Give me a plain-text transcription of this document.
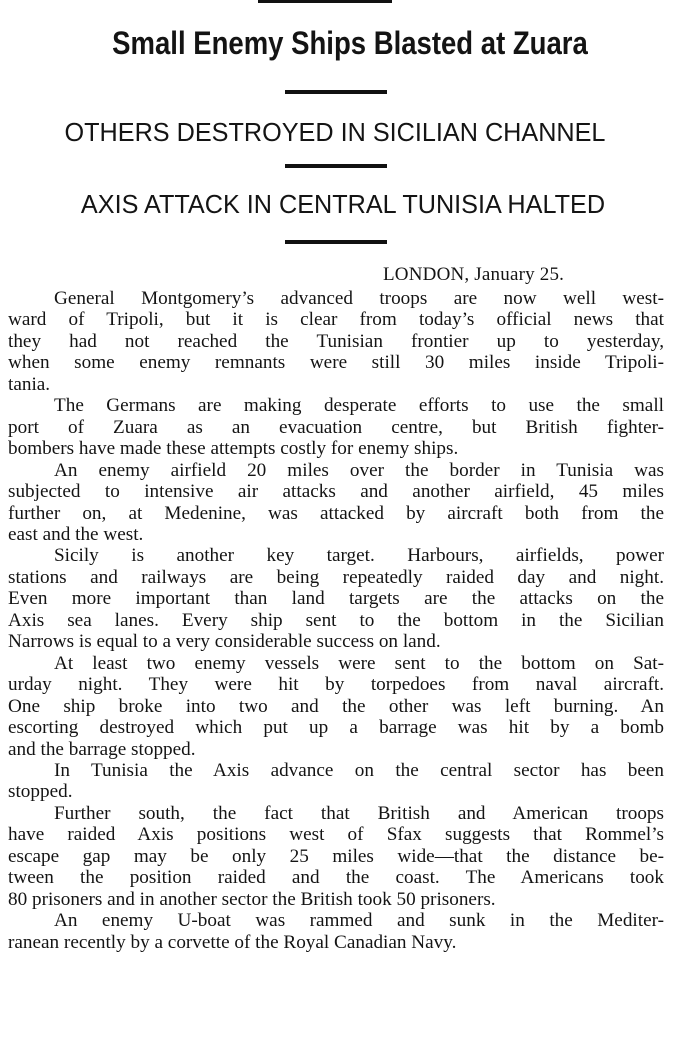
Small Enemy Ships Blasted at Zuara
OTHERS DESTROYED IN SICILIAN CHANNEL
AXIS ATTACK IN CENTRAL TUNISIA HALTED
LONDON, January 25.
General Montgomery’s advanced troops are now well west-
ward of Tripoli, but it is clear from today’s official news that
they had not reached the Tunisian frontier up to yesterday,
when some enemy remnants were still 30 miles inside Tripoli-
tania.
The Germans are making desperate efforts to use the small
port of Zuara as an evacuation centre, but British fighter-
bombers have made these attempts costly for enemy ships.
An enemy airfield 20 miles over the border in Tunisia was
subjected to intensive air attacks and another airfield, 45 miles
further on, at Medenine, was attacked by aircraft both from the
east and the west.
Sicily is another key target. Harbours, airfields, power
stations and railways are being repeatedly raided day and night.
Even more important than land targets are the attacks on the
Axis sea lanes. Every ship sent to the bottom in the Sicilian
Narrows is equal to a very considerable success on land.
At least two enemy vessels were sent to the bottom on Sat-
urday night. They were hit by torpedoes from naval aircraft.
One ship broke into two and the other was left burning. An
escorting destroyed which put up a barrage was hit by a bomb
and the barrage stopped.
In Tunisia the Axis advance on the central sector has been
stopped.
Further south, the fact that British and American troops
have raided Axis positions west of Sfax suggests that Rommel’s
escape gap may be only 25 miles wide—that the distance be-
tween the position raided and the coast. The Americans took
80 prisoners and in another sector the British took 50 prisoners.
An enemy U-boat was rammed and sunk in the Mediter-
ranean recently by a corvette of the Royal Canadian Navy.
